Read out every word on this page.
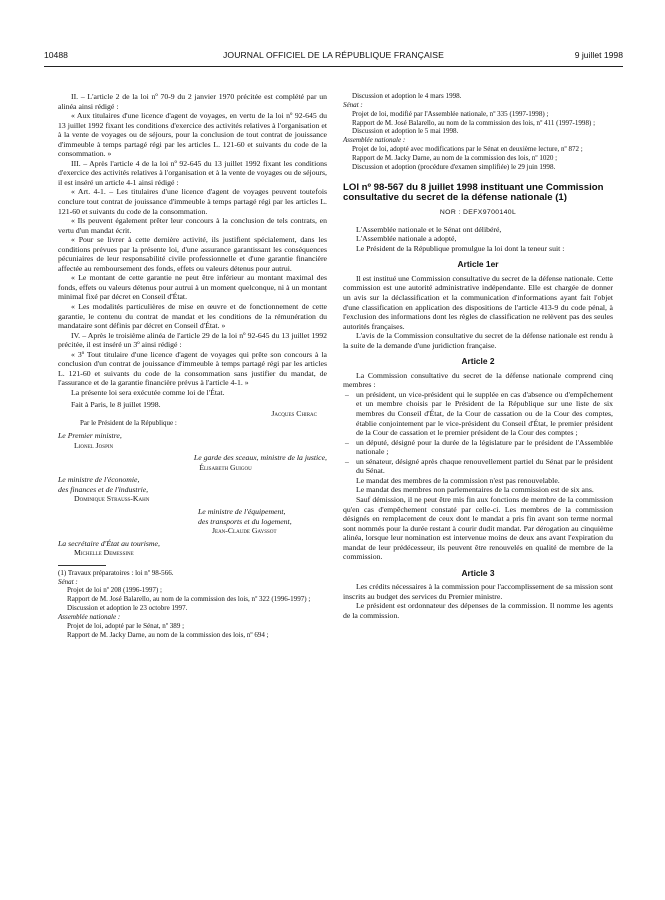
10488	JOURNAL OFFICIEL DE LA RÉPUBLIQUE FRANÇAISE	9 juillet 1998

II. – L'article 2 de la loi nº 70-9 du 2 janvier 1970 précitée est complété par un alinéa ainsi rédigé :

« Aux titulaires d'une licence d'agent de voyages, en vertu de la loi nº 92-645 du 13 juillet 1992 fixant les conditions d'exercice des activités relatives à l'organisation et à la vente de voyages ou de séjours, pour la conclusion de tout contrat de jouissance d'immeuble à temps partagé régi par les articles L. 121-60 et suivants du code de la consommation. »

III. – Après l'article 4 de la loi nº 92-645 du 13 juillet 1992 fixant les conditions d'exercice des activités relatives à l'organisation et à la vente de voyages ou de séjours, il est inséré un article 4-1 ainsi rédigé :

« Art. 4-1. – Les titulaires d'une licence d'agent de voyages peuvent toutefois conclure tout contrat de jouissance d'immeuble à temps partagé régi par les articles L. 121-60 et suivants du code de la consommation.

« Ils peuvent également prêter leur concours à la conclusion de tels contrats, en vertu d'un mandat écrit.

« Pour se livrer à cette dernière activité, ils justifient spécialement, dans les conditions prévues par la présente loi, d'une assurance garantissant les conséquences pécuniaires de leur responsabilité civile professionnelle et d'une garantie financière affectée au remboursement des fonds, effets ou valeurs détenus pour autrui.

« Le montant de cette garantie ne peut être inférieur au montant maximal des fonds, effets ou valeurs détenus pour autrui à un moment quelconque, ni à un montant minimal fixé par décret en Conseil d'État.

« Les modalités particulières de mise en œuvre et de fonctionnement de cette garantie, le contenu du contrat de mandat et les conditions de la rémunération du mandataire sont définis par décret en Conseil d'État. »

IV. – Après le troisième alinéa de l'article 29 de la loi nº 92-645 du 13 juillet 1992 précitée, il est inséré un 3º ainsi rédigé :

« 3º Tout titulaire d'une licence d'agent de voyages qui prête son concours à la conclusion d'un contrat de jouissance d'immeuble à temps partagé régi par les articles L. 121-60 et suivants du code de la consommation sans justifier du mandat, de l'assurance et de la garantie financière prévus à l'article 4-1. »

La présente loi sera exécutée comme loi de l'État.

Fait à Paris, le 8 juillet 1998.

Jacques Chirac

Par le Président de la République :

Le Premier ministre,

Lionel Jospin

Le garde des sceaux, ministre de la justice,

Élisabeth Guigou

Le ministre de l'économie,

des finances et de l'industrie,

Dominique Strauss-Kahn

Le ministre de l'équipement,

des transports et du logement,

Jean-Claude Gayssot

La secrétaire d'État au tourisme,

Michelle Demessine

(1) Travaux préparatoires : loi nº 98-566.

Sénat :

Projet de loi nº 208 (1996-1997) ;

Rapport de M. José Balarello, au nom de la commission des lois, nº 322 (1996-1997) ;

Discussion et adoption le 23 octobre 1997.

Assemblée nationale :

Projet de loi, adopté par le Sénat, nº 389 ;

Rapport de M. Jacky Darne, au nom de la commission des lois, nº 694 ;

Discussion et adoption le 4 mars 1998.

Sénat :

Projet de loi, modifié par l'Assemblée nationale, nº 335 (1997-1998) ;

Rapport de M. José Balarello, au nom de la commission des lois, nº 411 (1997-1998) ;

Discussion et adoption le 5 mai 1998.

Assemblée nationale :

Projet de loi, adopté avec modifications par le Sénat en deuxième lecture, nº 872 ;

Rapport de M. Jacky Darne, au nom de la commission des lois, nº 1020 ;

Discussion et adoption (procédure d'examen simplifiée) le 29 juin 1998.

LOI nº 98-567 du 8 juillet 1998 instituant une Commission consultative du secret de la défense nationale (1)
NOR : DEFX9700140L

L'Assemblée nationale et le Sénat ont délibéré,

L'Assemblée nationale a adopté,

Le Président de la République promulgue la loi dont la teneur suit :

Article 1er

Il est institué une Commission consultative du secret de la défense nationale. Cette commission est une autorité administrative indépendante. Elle est chargée de donner un avis sur la déclassification et la communication d'informations ayant fait l'objet d'une classification en application des dispositions de l'article 413-9 du code pénal, à l'exclusion des informations dont les règles de classification ne relèvent pas des seules autorités françaises.

L'avis de la Commission consultative du secret de la défense nationale est rendu à la suite de la demande d'une juridiction française.

Article 2

La Commission consultative du secret de la défense nationale comprend cinq membres :

– un président, un vice-président qui le supplée en cas d'absence ou d'empêchement et un membre choisis par le Président de la République sur une liste de six membres du Conseil d'État, de la Cour de cassation ou de la Cour des comptes, établie conjointement par le vice-président du Conseil d'État, le premier président de la Cour de cassation et le premier président de la Cour des comptes ;
– un député, désigné pour la durée de la législature par le président de l'Assemblée nationale ;
– un sénateur, désigné après chaque renouvellement partiel du Sénat par le président du Sénat.

Le mandat des membres de la commission n'est pas renouvelable.

Le mandat des membres non parlementaires de la commission est de six ans.

Sauf démission, il ne peut être mis fin aux fonctions de membre de la commission qu'en cas d'empêchement constaté par celle-ci. Les membres de la commission désignés en remplacement de ceux dont le mandat a pris fin avant son terme normal sont nommés pour la durée restant à courir dudit mandat. Par dérogation au cinquième alinéa, lorsque leur nomination est intervenue moins de deux ans avant l'expiration du mandat de leur prédécesseur, ils peuvent être renouvelés en qualité de membre de la commission.

Article 3

Les crédits nécessaires à la commission pour l'accomplissement de sa mission sont inscrits au budget des services du Premier ministre.

Le président est ordonnateur des dépenses de la commission. Il nomme les agents de la commission.
